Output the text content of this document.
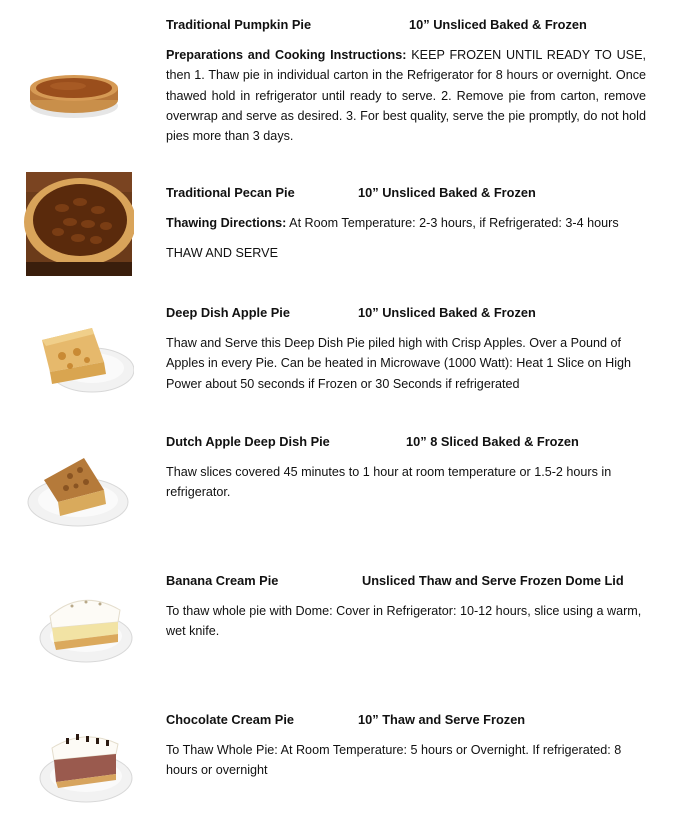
Traditional Pumpkin Pie	10” Unsliced Baked & Frozen
Preparations and Cooking Instructions: KEEP FROZEN UNTIL READY TO USE, then 1. Thaw pie in individual carton in the Refrigerator for 8 hours or overnight. Once thawed hold in refrigerator until ready to serve. 2. Remove pie from carton, remove overwrap and serve as desired. 3. For best quality, serve the pie promptly, do not hold pies more than 3 days.
Traditional Pecan Pie	10” Unsliced Baked & Frozen
Thawing Directions: At Room Temperature: 2-3 hours, if Refrigerated: 3-4 hours
THAW AND SERVE
Deep Dish Apple Pie	10” Unsliced Baked & Frozen
Thaw and Serve this Deep Dish Pie piled high with Crisp Apples. Over a Pound of Apples in every Pie. Can be heated in Microwave (1000 Watt): Heat 1 Slice on High Power about 50 seconds if Frozen or 30 Seconds if refrigerated
Dutch Apple Deep Dish Pie	10” 8 Sliced Baked & Frozen
Thaw slices covered 45 minutes to 1 hour at room temperature or 1.5-2 hours in refrigerator.
Banana Cream Pie	Unsliced Thaw and Serve Frozen Dome Lid
To thaw whole pie with Dome: Cover in Refrigerator: 10-12 hours, slice using a warm, wet knife.
Chocolate Cream Pie	10” Thaw and Serve Frozen
To Thaw Whole Pie: At Room Temperature: 5 hours or Overnight. If refrigerated: 8 hours or overnight
